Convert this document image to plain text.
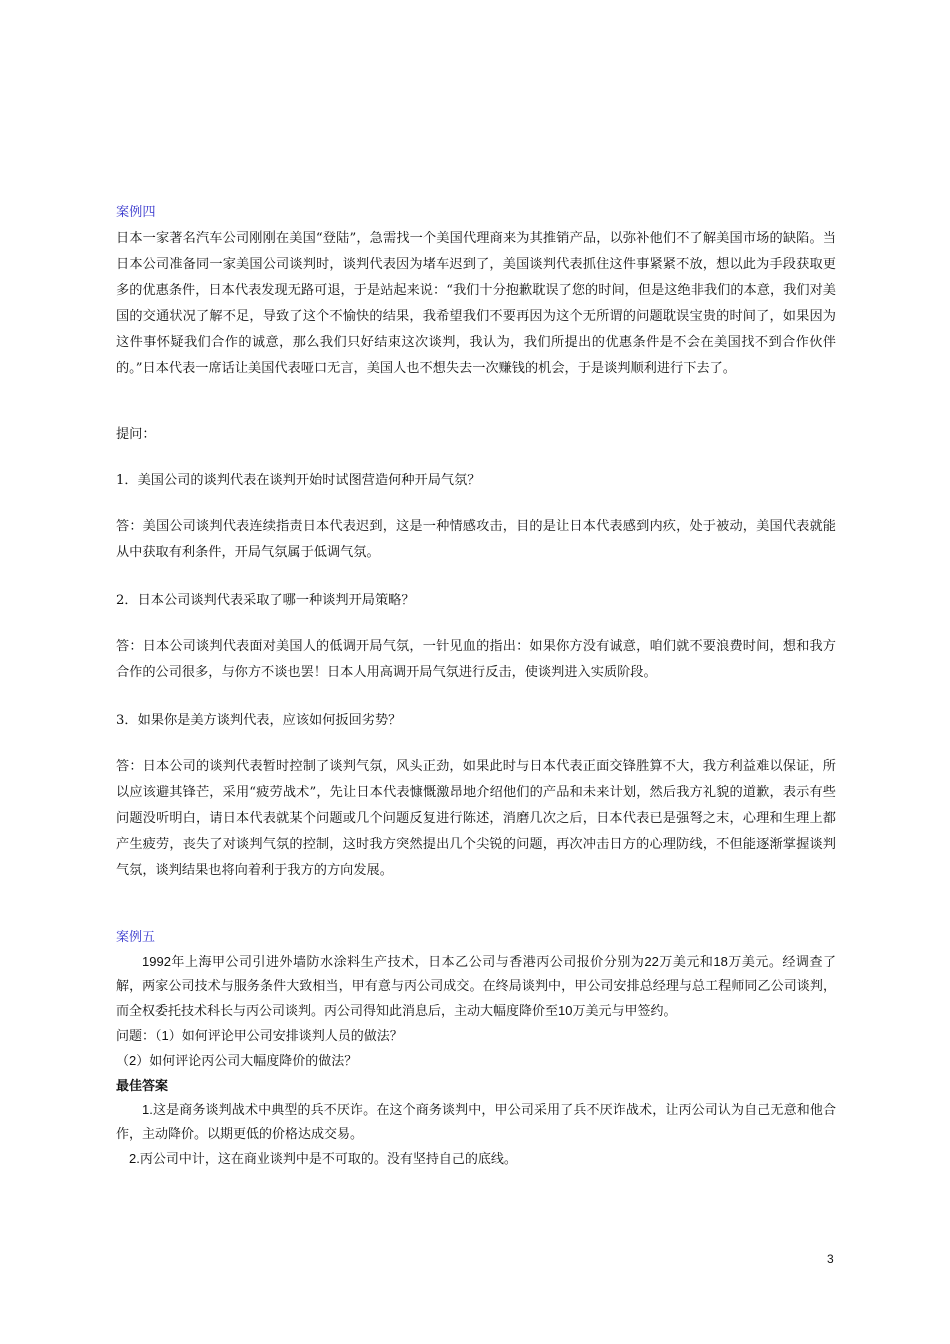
案例四

日本一家著名汽车公司刚刚在美国“登陆”，急需找一个美国代理商来为其推销产品，以弥补他们不了解美国市场的缺陷。当日本公司准备同一家美国公司谈判时，谈判代表因为堵车迟到了，美国谈判代表抓住这件事紧紧不放，想以此为手段获取更多的优惠条件，日本代表发现无路可退，于是站起来说：“我们十分抱歉耽误了您的时间，但是这绝非我们的本意，我们对美国的交通状况了解不足，导致了这个不愉快的结果，我希望我们不要再因为这个无所谓的问题耽误宝贵的时间了，如果因为这件事怀疑我们合作的诚意，那么我们只好结束这次谈判，我认为，我们所提出的优惠条件是不会在美国找不到合作伙伴的。”日本代表一席话让美国代表哑口无言，美国人也不想失去一次赚钱的机会，于是谈判顺利进行下去了。

提问：

1．美国公司的谈判代表在谈判开始时试图营造何种开局气氛？

答：美国公司谈判代表连续指责日本代表迟到，这是一种情感攻击，目的是让日本代表感到内疚，处于被动，美国代表就能从中获取有利条件，开局气氛属于低调气氛。

2．日本公司谈判代表采取了哪一种谈判开局策略？

答：日本公司谈判代表面对美国人的低调开局气氛，一针见血的指出：如果你方没有诚意，咱们就不要浪费时间，想和我方合作的公司很多，与你方不谈也罢！日本人用高调开局气氛进行反击，使谈判进入实质阶段。

3．如果你是美方谈判代表，应该如何扳回劣势？

答：日本公司的谈判代表暂时控制了谈判气氛，风头正劲，如果此时与日本代表正面交锋胜算不大，我方利益难以保证，所以应该避其锋芒，采用“疲劳战术”，先让日本代表慷慨激昂地介绍他们的产品和未来计划，然后我方礼貌的道歉，表示有些问题没听明白，请日本代表就某个问题或几个问题反复进行陈述，消磨几次之后，日本代表已是强弩之末，心理和生理上都产生疲劳，丧失了对谈判气氛的控制，这时我方突然提出几个尖锐的问题，再次冲击日方的心理防线，不但能逐渐掌握谈判气氛，谈判结果也将向着利于我方的方向发展。

案例五

1992年上海甲公司引进外墙防水涂料生产技术，日本乙公司与香港丙公司报价分别为22万美元和18万美元。经调查了解，两家公司技术与服务条件大致相当，甲有意与丙公司成交。在终局谈判中，甲公司安排总经理与总工程师同乙公司谈判，而全权委托技术科长与丙公司谈判。丙公司得知此消息后，主动大幅度降价至10万美元与甲签约。

问题：（1）如何评论甲公司安排谈判人员的做法？

（2）如何评论丙公司大幅度降价的做法？

最佳答案

1.这是商务谈判战术中典型的兵不厌诈。在这个商务谈判中，甲公司采用了兵不厌诈战术，让丙公司认为自己无意和他合作，主动降价。以期更低的价格达成交易。

2.丙公司中计，这在商业谈判中是不可取的。没有坚持自己的底线。

3
